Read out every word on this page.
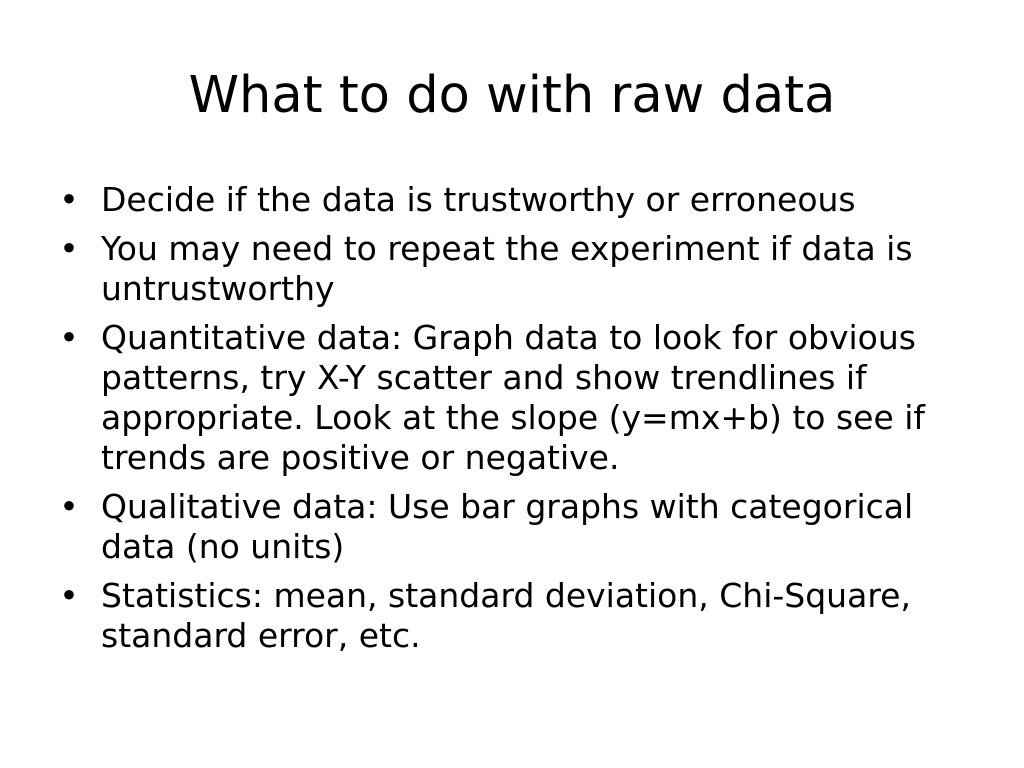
What to do with raw data
• Decide if the data is trustworthy or erroneous
• You may need to repeat the experiment if data is untrustworthy
• Quantitative data: Graph data to look for obvious patterns, try X-Y scatter and show trendlines if appropriate. Look at the slope (y=mx+b) to see if trends are positive or negative.
• Qualitative data: Use bar graphs with categorical data (no units)
• Statistics: mean, standard deviation, Chi-Square, standard error, etc.
